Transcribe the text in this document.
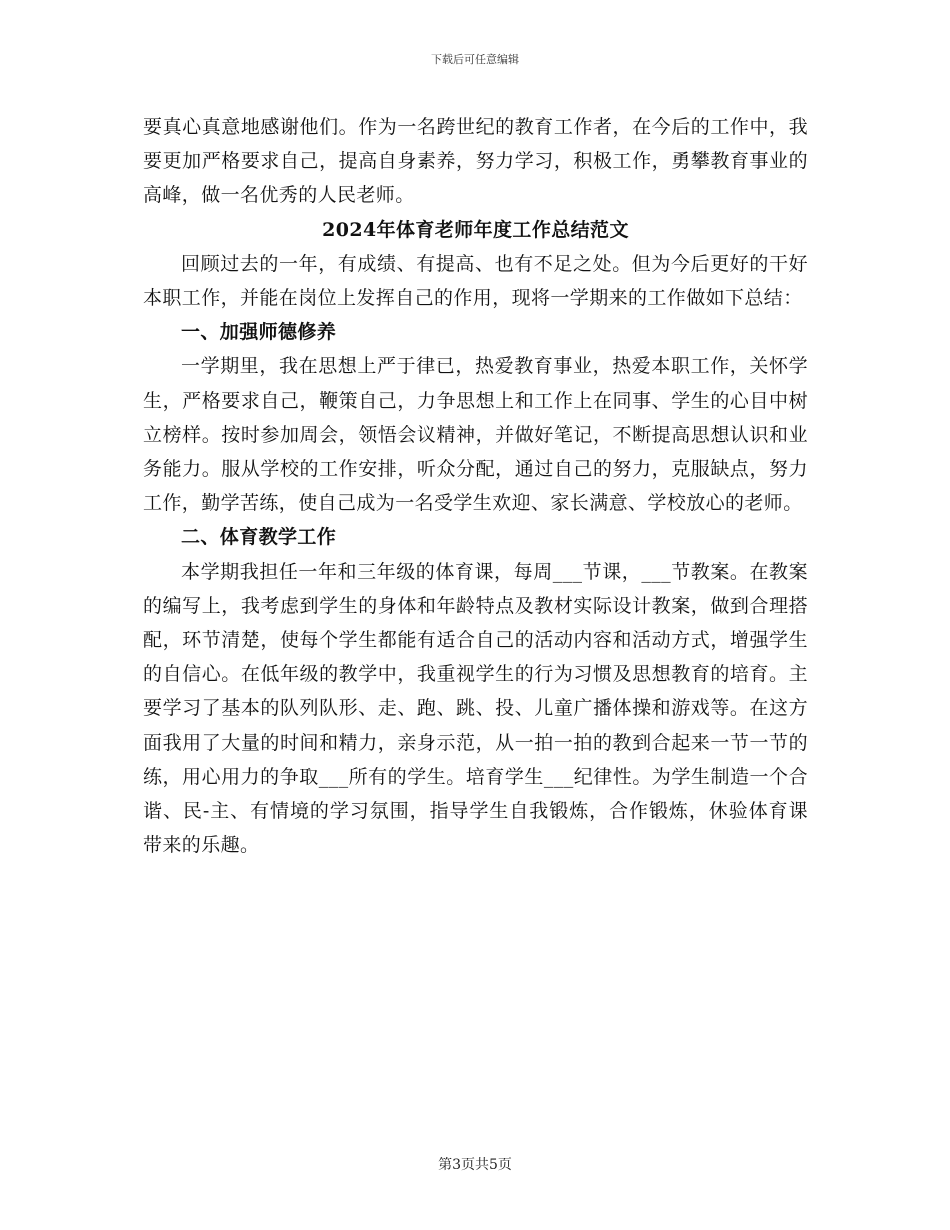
下载后可任意编辑

要真心真意地感谢他们。作为一名跨世纪的教育工作者，在今后的工作中，我要更加严格要求自己，提高自身素养，努力学习，积极工作，勇攀教育事业的高峰，做一名优秀的人民老师。

2024年体育老师年度工作总结范文

回顾过去的一年，有成绩、有提高、也有不足之处。但为今后更好的干好本职工作，并能在岗位上发挥自己的作用，现将一学期来的工作做如下总结：

一、加强师德修养

一学期里，我在思想上严于律已，热爱教育事业，热爱本职工作，关怀学生，严格要求自己，鞭策自己，力争思想上和工作上在同事、学生的心目中树立榜样。按时参加周会，领悟会议精神，并做好笔记，不断提高思想认识和业务能力。服从学校的工作安排，听众分配，通过自己的努力，克服缺点，努力工作，勤学苦练，使自己成为一名受学生欢迎、家长满意、学校放心的老师。

二、体育教学工作

本学期我担任一年和三年级的体育课，每周___节课，___节教案。在教案的编写上，我考虑到学生的身体和年龄特点及教材实际设计教案，做到合理搭配，环节清楚，使每个学生都能有适合自己的活动内容和活动方式，增强学生的自信心。在低年级的教学中，我重视学生的行为习惯及思想教育的培育。主要学习了基本的队列队形、走、跑、跳、投、儿童广播体操和游戏等。在这方面我用了大量的时间和精力，亲身示范，从一拍一拍的教到合起来一节一节的练，用心用力的争取___所有的学生。培育学生___纪律性。为学生制造一个合谐、民-主、有情境的学习氛围，指导学生自我锻炼，合作锻炼，休验体育课带来的乐趣。

第3页共5页
